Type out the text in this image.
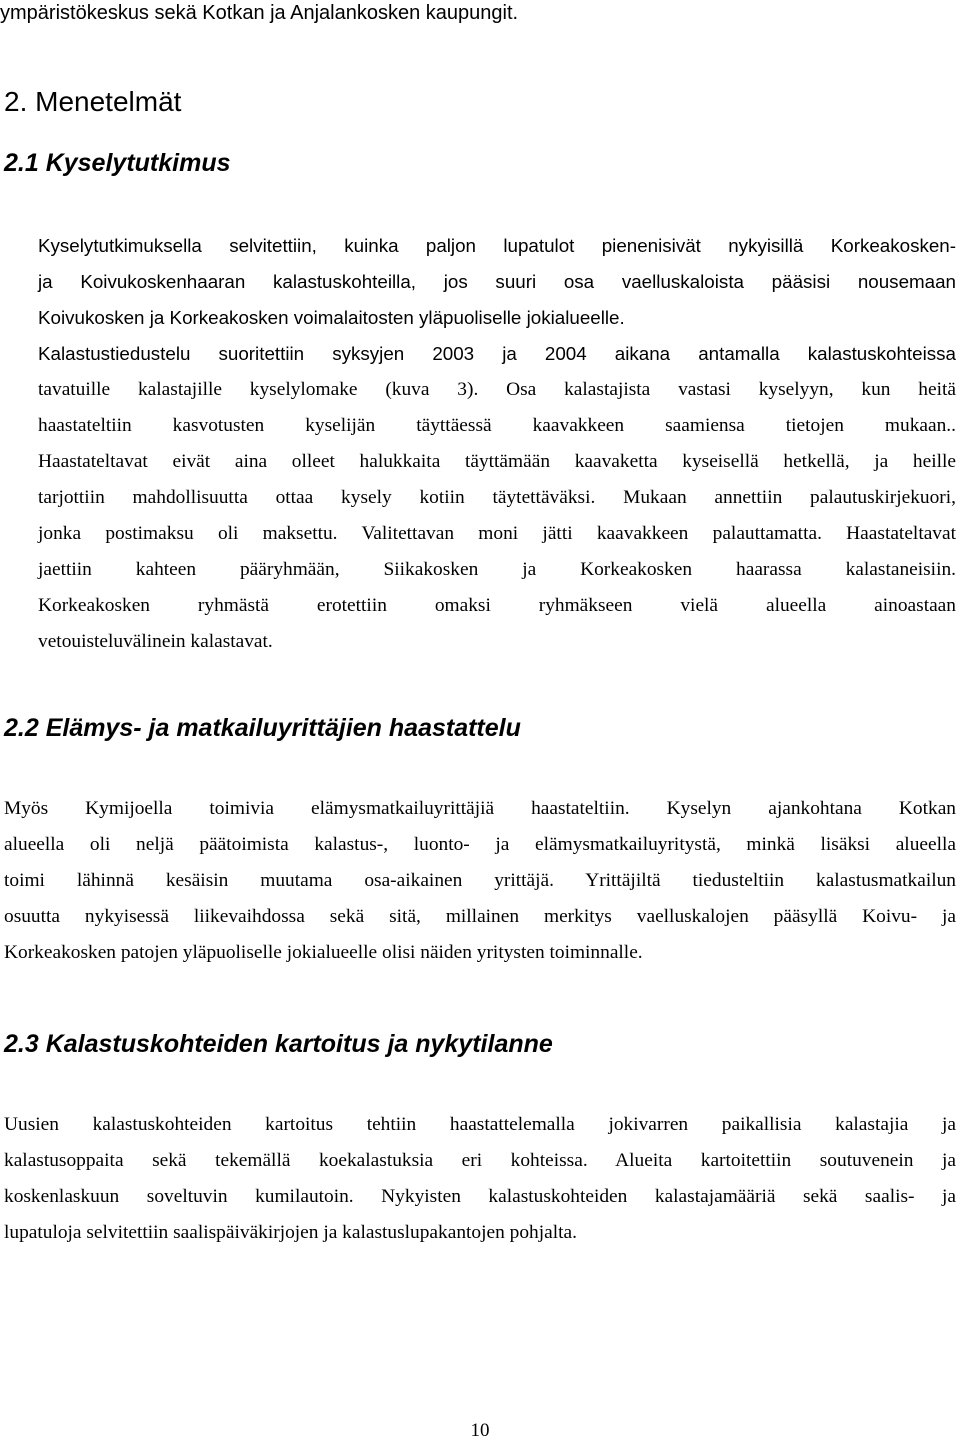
ympäristökeskus sekä Kotkan ja Anjalankosken kaupungit.
2. Menetelmät
2.1 Kyselytutkimus
Kyselytutkimuksella selvitettiin, kuinka paljon lupatulot pienenisivät nykyisillä Korkeakosken-
ja Koivukoskenhaaran kalastuskohteilla, jos suuri osa vaelluskaloista pääsisi nousemaan
Koivukosken ja Korkeakosken voimalaitosten yläpuoliselle jokialueelle.
Kalastustiedustelu suoritettiin syksyjen 2003 ja 2004 aikana antamalla kalastuskohteissa
tavatuille kalastajille kyselylomake (kuva 3). Osa kalastajista vastasi kyselyyn, kun heitä
haastateltiin kasvotusten kyselijän täyttäessä kaavakkeen saamiensa tietojen mukaan..
Haastateltavat eivät aina olleet halukkaita täyttämään kaavaketta kyseisellä hetkellä, ja heille
tarjottiin mahdollisuutta ottaa kysely kotiin täytettäväksi. Mukaan annettiin palautuskirjekuori,
jonka postimaksu oli maksettu. Valitettavan moni jätti kaavakkeen palauttamatta. Haastateltavat
jaettiin kahteen pääryhmään, Siikakosken ja Korkeakosken haarassa kalastaneisiin.
Korkeakosken ryhmästä erotettiin omaksi ryhmäkseen vielä alueella ainoastaan
vetouisteluvälinein kalastavat.
2.2 Elämys- ja matkailuyrittäjien haastattelu
Myös Kymijoella toimivia elämysmatkailuyrittäjiä haastateltiin. Kyselyn ajankohtana Kotkan
alueella oli neljä päätoimista kalastus-, luonto- ja elämysmatkailuyritystä, minkä lisäksi alueella
toimi lähinnä kesäisin muutama osa-aikainen yrittäjä. Yrittäjiltä tiedusteltiin kalastusmatkailun
osuutta nykyisessä liikevaihdossa sekä sitä, millainen merkitys vaelluskalojen pääsyllä Koivu- ja
Korkeakosken patojen yläpuoliselle jokialueelle olisi näiden yritysten toiminnalle.
2.3 Kalastuskohteiden kartoitus ja nykytilanne
Uusien kalastuskohteiden kartoitus tehtiin haastattelemalla jokivarren paikallisia kalastajia ja
kalastusoppaita sekä tekemällä koekalastuksia eri kohteissa. Alueita kartoitettiin soutuvenein ja
koskenlaskuun soveltuvin kumilautoin. Nykyisten kalastuskohteiden kalastajamääriä sekä saalis- ja
lupatuloja selvitettiin saalispäiväkirjojen ja kalastuslupakantojen pohjalta.
10
